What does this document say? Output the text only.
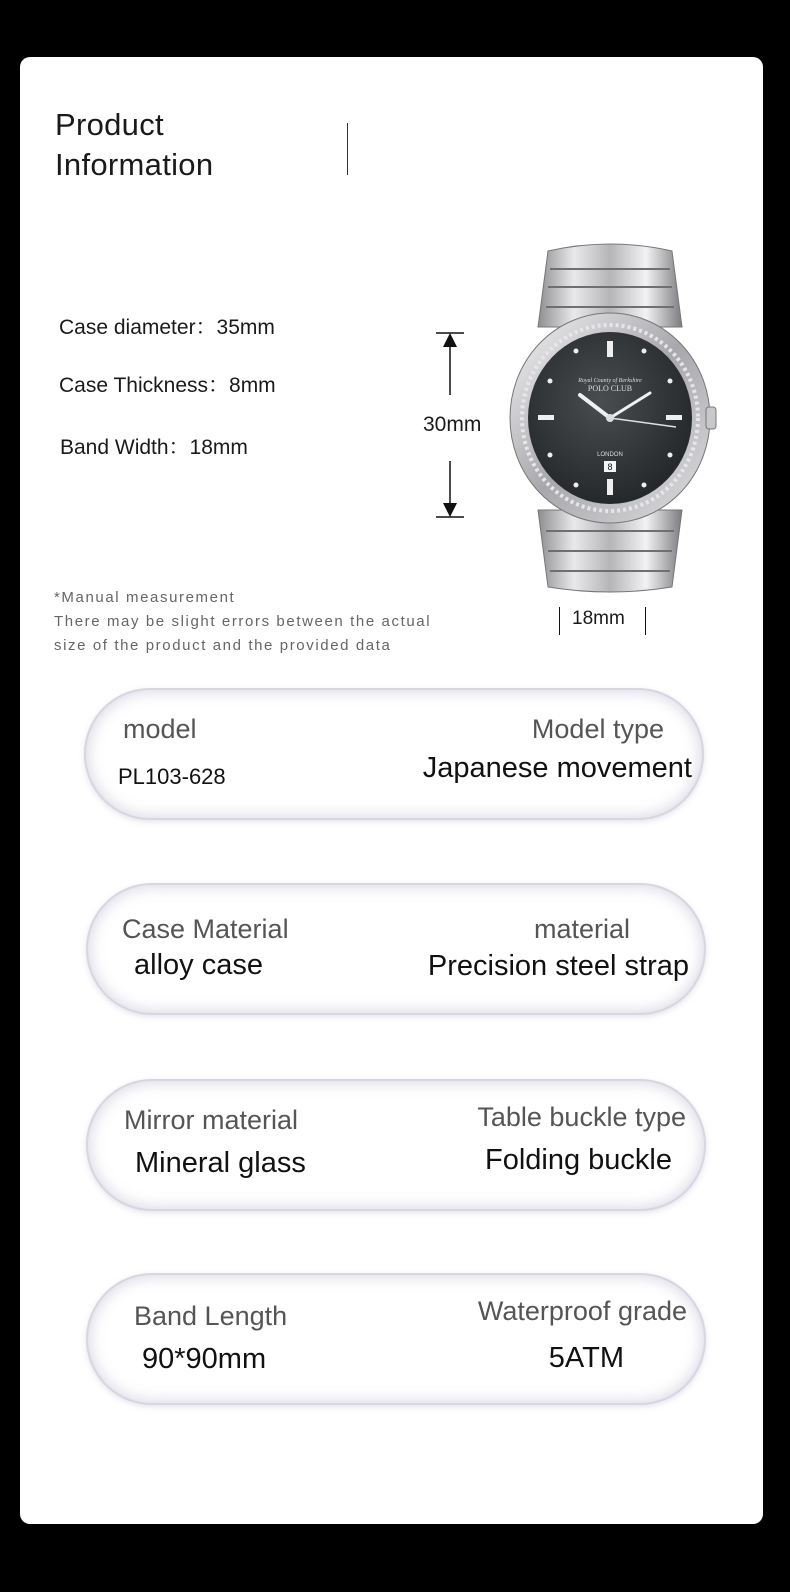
Product
Information
Case diameter：35mm
Case Thickness：8mm
Band Width：18mm
30mm
Royal County of Berkshire
POLO CLUB
LONDON
8
18mm
*Manual measurement
There may be slight errors between the actual
size of the product and the provided data
model
PL103-628
Model type
Japanese movement
Case Material
alloy case
material
Precision steel strap
Mirror material
Mineral glass
Table buckle type
Folding buckle
Band Length
90*90mm
Waterproof grade
5ATM
